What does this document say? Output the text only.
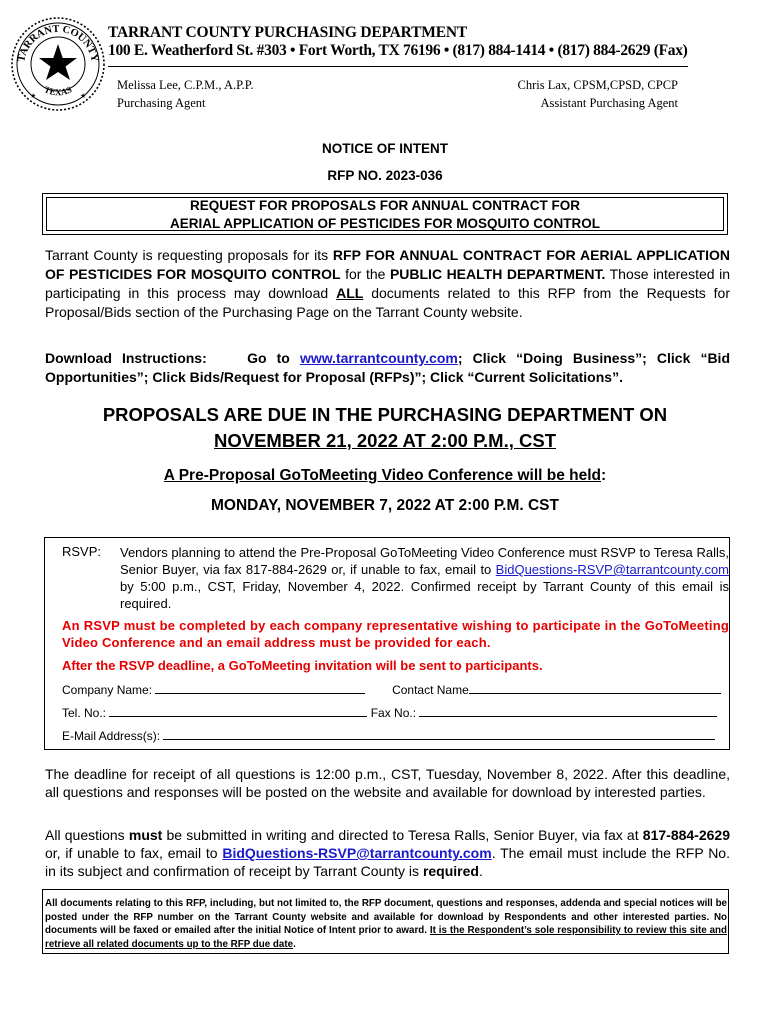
TARRANT COUNTY
TEXAS
★	★
TARRANT COUNTY PURCHASING DEPARTMENT
100 E. Weatherford St. #303 • Fort Worth, TX 76196 • (817) 884-1414 • (817) 884-2629 (Fax)
Melissa Lee, C.P.M., A.P.P.
Purchasing Agent
Chris Lax, CPSM,CPSD, CPCP
Assistant Purchasing Agent
NOTICE OF INTENT
RFP NO. 2023-036
REQUEST FOR PROPOSALS FOR ANNUAL CONTRACT FOR
AERIAL APPLICATION OF PESTICIDES FOR MOSQUITO CONTROL
Tarrant County is requesting proposals for its RFP FOR ANNUAL CONTRACT FOR AERIAL APPLICATION OF PESTICIDES FOR MOSQUITO CONTROL for the PUBLIC HEALTH DEPARTMENT. Those interested in participating in this process may download ALL documents related to this RFP from the Requests for Proposal/Bids section of the Purchasing Page on the Tarrant County website.
Download Instructions:	Go to www.tarrantcounty.com; Click “Doing Business”; Click “Bid Opportunities”; Click Bids/Request for Proposal (RFPs)”; Click “Current Solicitations”.
PROPOSALS ARE DUE IN THE PURCHASING DEPARTMENT ON
NOVEMBER 21, 2022 AT 2:00 P.M., CST
A Pre-Proposal GoToMeeting Video Conference will be held:
MONDAY, NOVEMBER 7, 2022 AT 2:00 P.M. CST
RSVP: Vendors planning to attend the Pre-Proposal GoToMeeting Video Conference must RSVP to Teresa Ralls, Senior Buyer, via fax 817-884-2629 or, if unable to fax, email to BidQuestions-RSVP@tarrantcounty.com by 5:00 p.m., CST, Friday, November 4, 2022. Confirmed receipt by Tarrant County of this email is required.
An RSVP must be completed by each company representative wishing to participate in the GoToMeeting Video Conference and an email address must be provided for each.
After the RSVP deadline, a GoToMeeting invitation will be sent to participants.
Company Name:	Contact Name
Tel. No.:	Fax No.:
E-Mail Address(s):
The deadline for receipt of all questions is 12:00 p.m., CST, Tuesday, November 8, 2022. After this deadline, all questions and responses will be posted on the website and available for download by interested parties.
All questions must be submitted in writing and directed to Teresa Ralls, Senior Buyer, via fax at 817-884-2629 or, if unable to fax, email to BidQuestions-RSVP@tarrantcounty.com. The email must include the RFP No. in its subject and confirmation of receipt by Tarrant County is required.
All documents relating to this RFP, including, but not limited to, the RFP document, questions and responses, addenda and special notices will be posted under the RFP number on the Tarrant County website and available for download by Respondents and other interested parties. No documents will be faxed or emailed after the initial Notice of Intent prior to award. It is the Respondent’s sole responsibility to review this site and retrieve all related documents up to the RFP due date.
